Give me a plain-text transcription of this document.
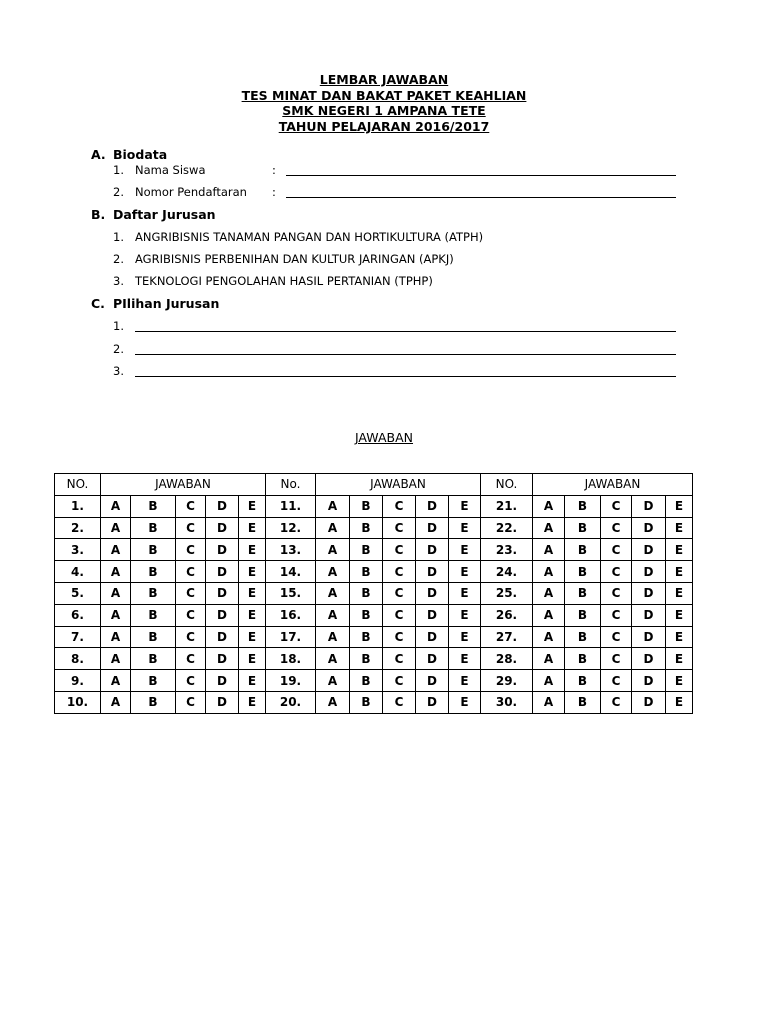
LEMBAR JAWABAN
TES MINAT DAN BAKAT PAKET KEAHLIAN
SMK NEGERI 1 AMPANA TETE
TAHUN PELAJARAN 2016/2017
A. Biodata
1. Nama Siswa	:
2. Nomor Pendaftaran :
B. Daftar Jurusan
1. ANGRIBISNIS TANAMAN PANGAN DAN HORTIKULTURA (ATPH)
2. AGRIBISNIS PERBENIHAN DAN KULTUR JARINGAN (APKJ)
3. TEKNOLOGI PENGOLAHAN HASIL PERTANIAN (TPHP)
C. PIlihan Jurusan
1.
2.
3.
JAWABAN
NO.	JAWABAN					No.	JAWABAN					NO.	JAWABAN				
1.	A	B	C	D	E	11.	A	B	C	D	E	21.	A	B	C	D	E
2.	A	B	C	D	E	12.	A	B	C	D	E	22.	A	B	C	D	E
3.	A	B	C	D	E	13.	A	B	C	D	E	23.	A	B	C	D	E
4.	A	B	C	D	E	14.	A	B	C	D	E	24.	A	B	C	D	E
5.	A	B	C	D	E	15.	A	B	C	D	E	25.	A	B	C	D	E
6.	A	B	C	D	E	16.	A	B	C	D	E	26.	A	B	C	D	E
7.	A	B	C	D	E	17.	A	B	C	D	E	27.	A	B	C	D	E
8.	A	B	C	D	E	18.	A	B	C	D	E	28.	A	B	C	D	E
9.	A	B	C	D	E	19.	A	B	C	D	E	29.	A	B	C	D	E
10.	A	B	C	D	E	20.	A	B	C	D	E	30.	A	B	C	D	E
